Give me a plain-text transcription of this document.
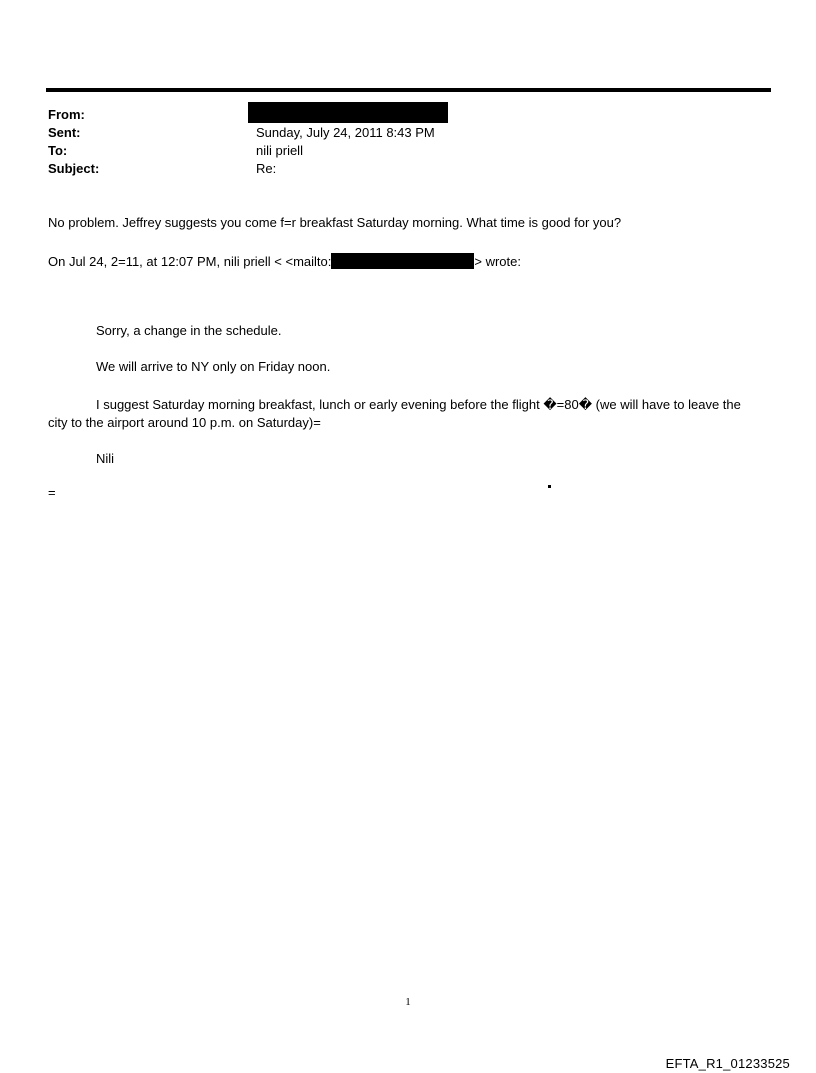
From:
Sent:	Sunday, July 24, 2011 8:43 PM
To:	nili priell
Subject:	Re:
No problem. Jeffrey suggests you come f=r breakfast Saturday morning. What time is good for you?
On Jul 24, 2=11, at 12:07 PM, nili priell < <mailto:	> wrote:
Sorry, a change in the schedule.
We will arrive to NY only on Friday noon.
I suggest Saturday morning breakfast, lunch or early evening before the flight �=80� (we will have to leave the city to the airport around 10 p.m. on Saturday)=
Nili
=
1
EFTA_R1_01233525
